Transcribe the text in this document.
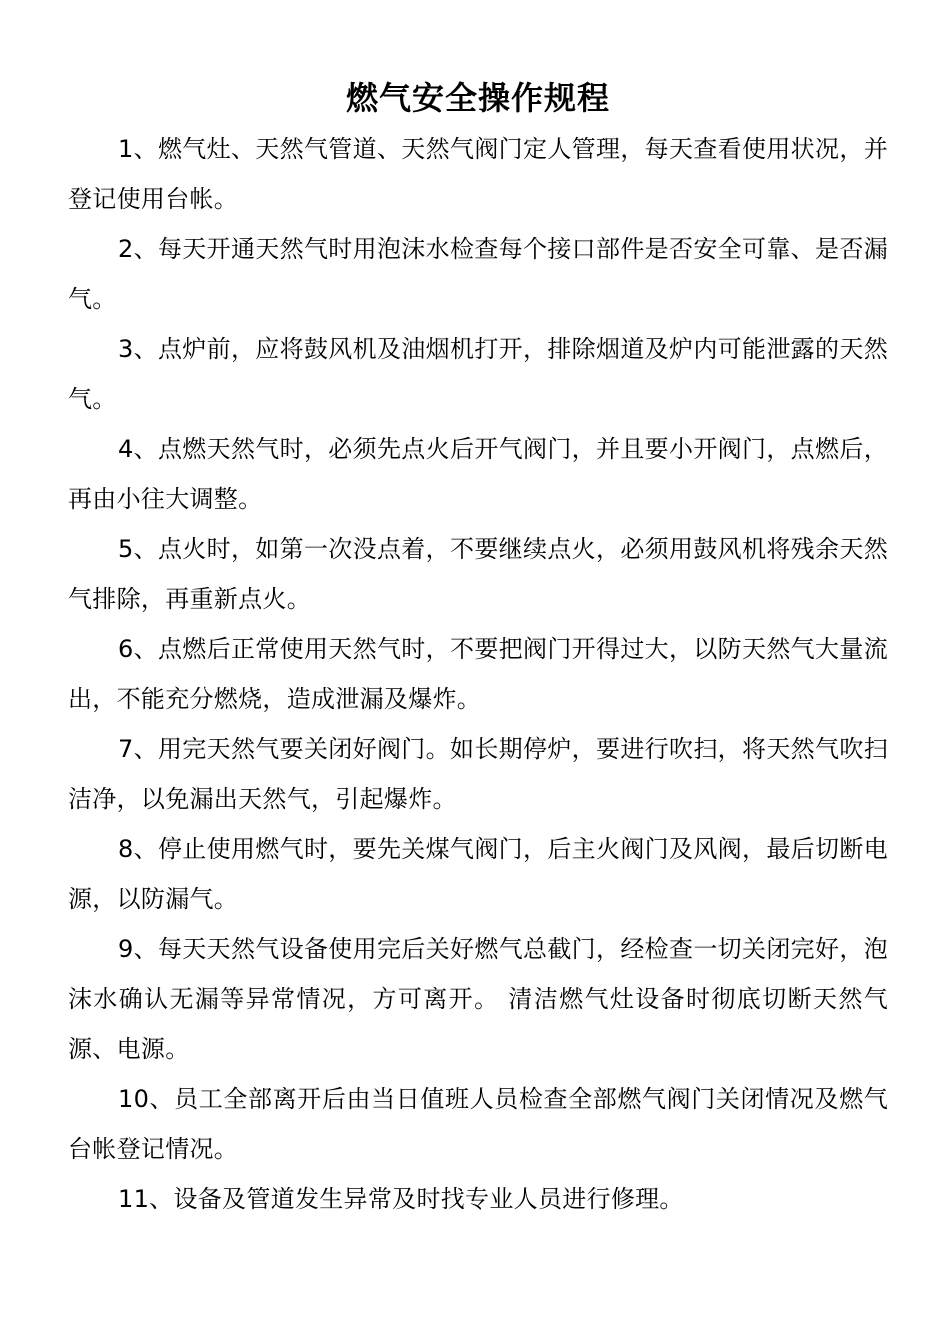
燃气安全操作规程

1、燃气灶、天然气管道、天然气阀门定人管理，每天查看使用状况，并登记使用台帐。

2、每天开通天然气时用泡沫水检查每个接口部件是否安全可靠、是否漏气。

3、点炉前，应将鼓风机及油烟机打开，排除烟道及炉内可能泄露的天然气。

4、点燃天然气时，必须先点火后开气阀门，并且要小开阀门，点燃后，再由小往大调整。

5、点火时，如第一次没点着，不要继续点火，必须用鼓风机将残余天然气排除，再重新点火。

6、点燃后正常使用天然气时，不要把阀门开得过大，以防天然气大量流出，不能充分燃烧，造成泄漏及爆炸。

7、用完天然气要关闭好阀门。如长期停炉，要进行吹扫，将天然气吹扫洁净，以免漏出天然气，引起爆炸。

8、停止使用燃气时，要先关煤气阀门，后主火阀门及风阀，最后切断电源，以防漏气。

9、每天天然气设备使用完后关好燃气总截门，经检查一切关闭完好，泡沫水确认无漏等异常情况，方可离开。 清洁燃气灶设备时彻底切断天然气源、电源。

10、员工全部离开后由当日值班人员检查全部燃气阀门关闭情况及燃气台帐登记情况。

11、设备及管道发生异常及时找专业人员进行修理。
